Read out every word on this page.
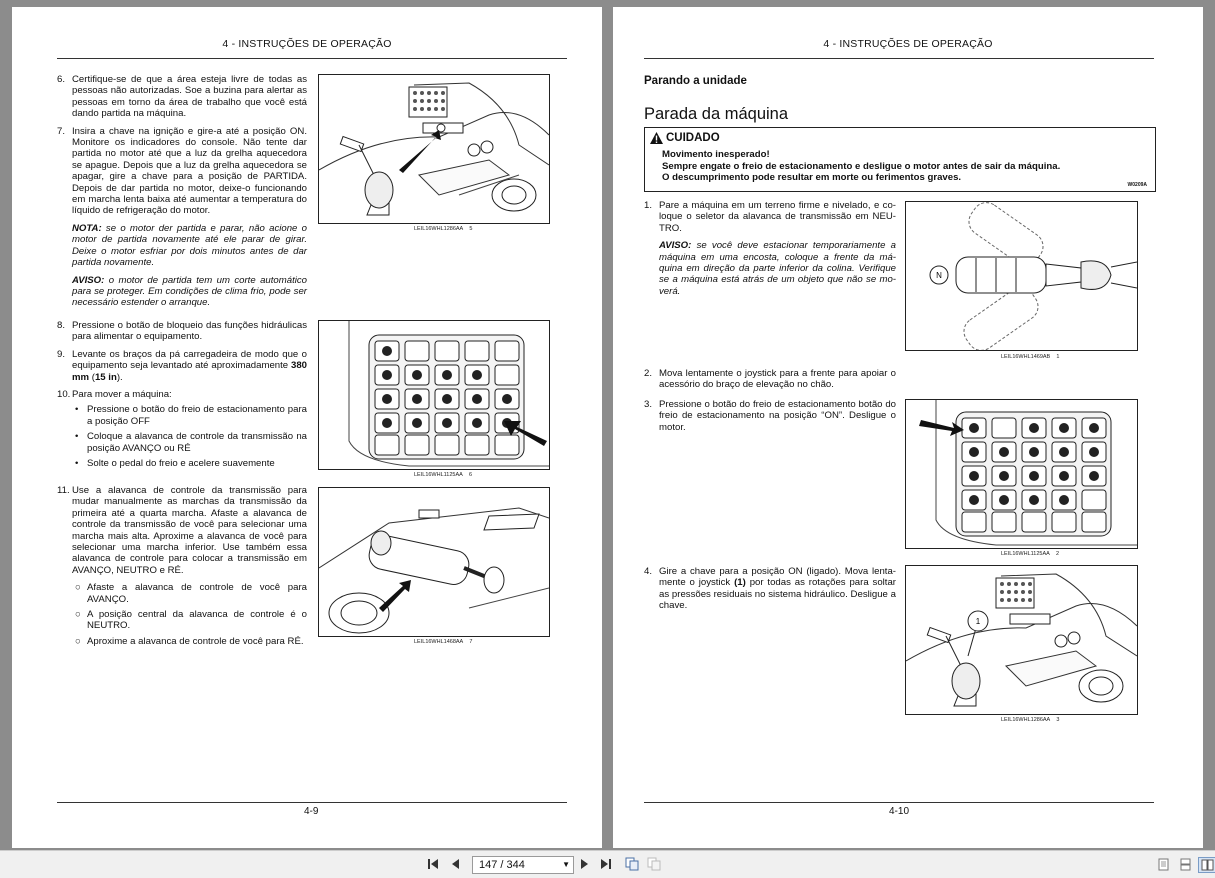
4 - INSTRUÇÕES DE OPERAÇÃO
6. Certifique-se de que a área esteja livre de todas as pessoas não autorizadas. Soe a buzina para alertar as pessoas em torno da área de trabalho que você está dando partida na máquina.
7. Insira a chave na ignição e gire-a até a posição ON. Monitore os indicadores do console. Não tente dar partida no motor até que a luz da grelha aquecedora se apague. Depois que a luz da grelha aquecedora se apagar, gire a chave para a posição de PARTIDA. Depois de dar partida no motor, deixe-o funcionando em marcha lenta baixa até aumentar a temperatura do líquido de refrigeração do motor.
NOTA: se o motor der partida e parar, não acione o motor de partida novamente até ele parar de girar. Deixe o motor esfriar por dois minutos antes de dar partida novamente.
AVISO: o motor de partida tem um corte automático para se proteger. Em condições de clima frio, pode ser necessário estender o arranque.
8. Pressione o botão de bloqueio das funções hidráulicas para alimentar o equipamento.
9. Levante os braços da pá carregadeira de modo que o equipamento seja levantado até aproximadamente 380 mm (15 in).
10. Para mover a máquina:
• Pressione o botão do freio de estacionamento para a posição OFF
• Coloque a alavanca de controle da transmissão na posição AVANÇO ou RÉ
• Solte o pedal do freio e acelere suavemente
11. Use a alavanca de controle da transmissão para mudar manualmente as marchas da transmissão da primeira até a quarta marcha. Afaste a alavanca de controle da transmissão de você para selecionar uma marcha mais alta. Aproxime a alavanca de você para selecionar uma marcha inferior. Use também essa alavanca de controle para colocar a transmissão em AVANÇO, NEUTRO e RÉ.
○ Afaste a alavanca de controle de você para AVANÇO.
○ A posição central da alavanca de controle é o NEUTRO.
○ Aproxime a alavanca de controle de você para RÉ.
LEIL16WHL1286AA 5
LEIL16WHL1125AA 6
LEIL16WHL1468AA 7
4-9
4 - INSTRUÇÕES DE OPERAÇÃO
Parando a unidade
Parada da máquina
CUIDADO
Movimento inesperado!
Sempre engate o freio de estacionamento e desligue o motor antes de sair da máquina.
O descumprimento pode resultar em morte ou ferimentos graves.
W0209A
1. Pare a máquina em um terreno firme e nivelado, e co-loque o seletor da alavanca de transmissão em NEU-TRO.
AVISO: se você deve estacionar temporariamente a máquina em uma encosta, coloque a frente da má-quina em direção da parte inferior da colina. Verifique se a máquina está atrás de um objeto que não se mo-verá.
2. Mova lentamente o joystick para a frente para apoiar o acessório do braço de elevação no chão.
3. Pressione o botão do freio de estacionamento botão do freio de estacionamento na posição “ON”. Desligue o motor.
4. Gire a chave para a posição ON (ligado). Mova lenta-mente o joystick (1) por todas as rotações para soltar as pressões residuais no sistema hidráulico. Desligue a chave.
N
LEIL16WHL1469AB 1
LEIL16WHL1125AA 2
1
LEIL16WHL1286AA 3
4-10
147 / 344	▼
